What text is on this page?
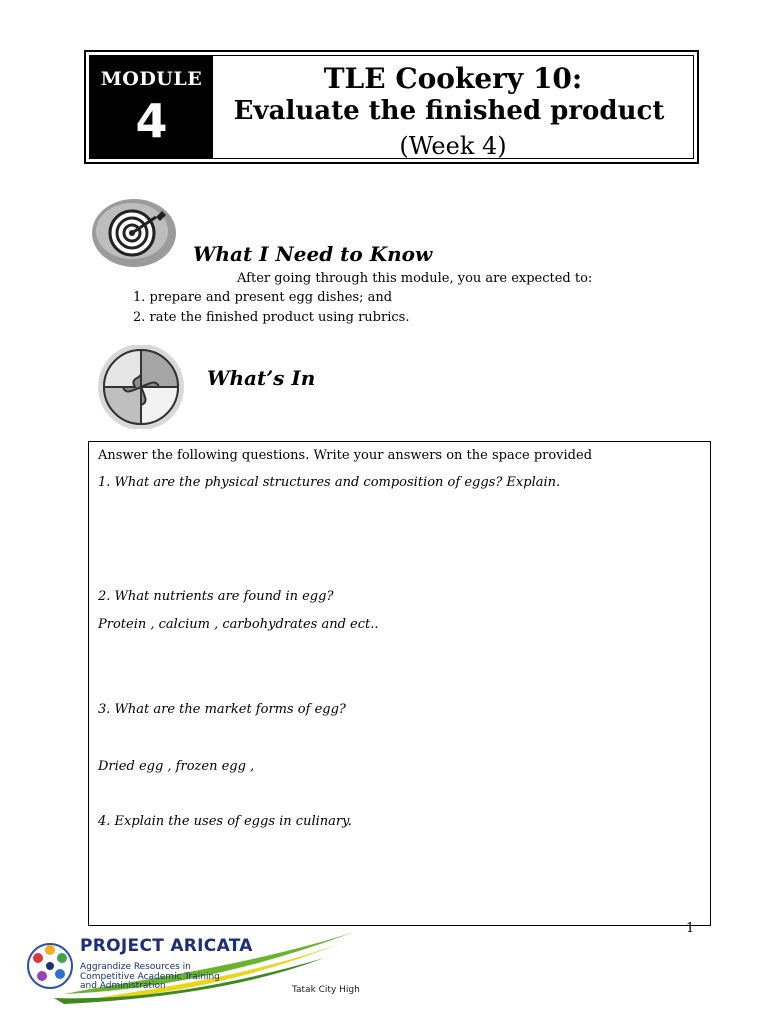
MODULE
4
TLE Cookery 10:
Evaluate the finished product
(Week 4)
What I Need to Know
After going through this module, you are expected to:
1. prepare and present egg dishes; and
2. rate the finished product using rubrics.
What’s In
Answer the following questions. Write your answers on the space provided
1. What are the physical structures and composition of eggs? Explain.
2. What nutrients are found in egg?
Protein , calcium , carbohydrates and ect..
3. What are the market forms of egg?
Dried egg , frozen egg ,
4. Explain the uses of eggs in culinary.
1
PROJECT ARICATA
Aggrandize Resources in
Competitive Academic Training
and Administration	Tatak City High
